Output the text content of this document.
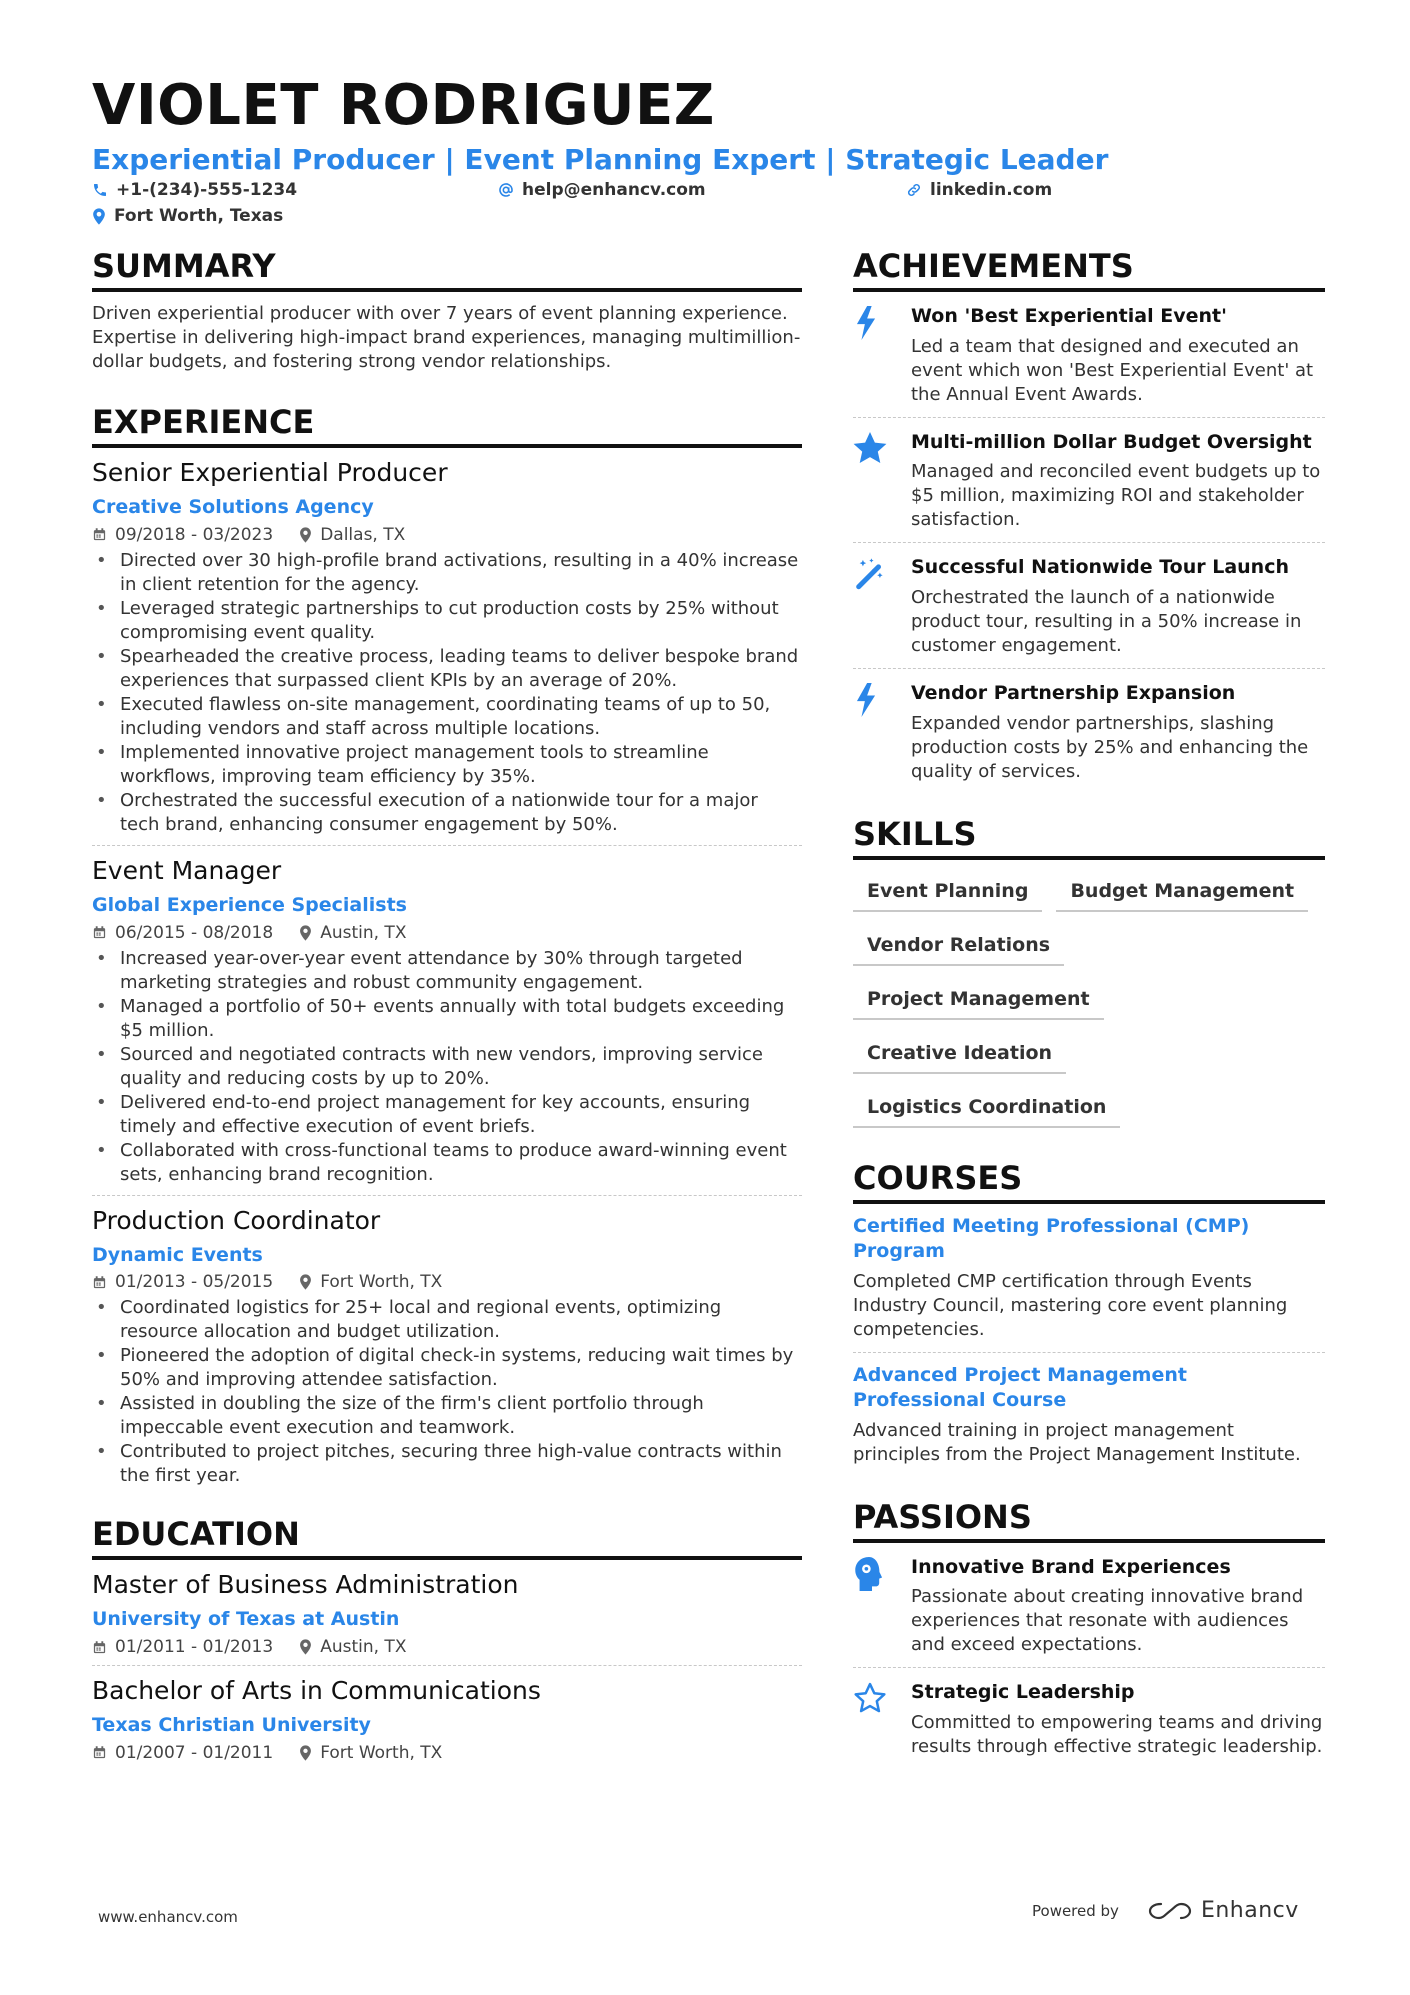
VIOLET RODRIGUEZ
Experiential Producer | Event Planning Expert | Strategic Leader
+1-(234)-555-1234	help@enhancv.com	linkedin.com
Fort Worth, Texas
SUMMARY
Driven experiential producer with over 7 years of event planning experience. Expertise in delivering high-impact brand experiences, managing multimillion-dollar budgets, and fostering strong vendor relationships.
EXPERIENCE
Senior Experiential Producer
Creative Solutions Agency
09/2018 - 03/2023	Dallas, TX
• Directed over 30 high-profile brand activations, resulting in a 40% increase in client retention for the agency.
• Leveraged strategic partnerships to cut production costs by 25% without compromising event quality.
• Spearheaded the creative process, leading teams to deliver bespoke brand experiences that surpassed client KPIs by an average of 20%.
• Executed flawless on-site management, coordinating teams of up to 50, including vendors and staff across multiple locations.
• Implemented innovative project management tools to streamline workflows, improving team efficiency by 35%.
• Orchestrated the successful execution of a nationwide tour for a major tech brand, enhancing consumer engagement by 50%.
Event Manager
Global Experience Specialists
06/2015 - 08/2018	Austin, TX
• Increased year-over-year event attendance by 30% through targeted marketing strategies and robust community engagement.
• Managed a portfolio of 50+ events annually with total budgets exceeding $5 million.
• Sourced and negotiated contracts with new vendors, improving service quality and reducing costs by up to 20%.
• Delivered end-to-end project management for key accounts, ensuring timely and effective execution of event briefs.
• Collaborated with cross-functional teams to produce award-winning event sets, enhancing brand recognition.
Production Coordinator
Dynamic Events
01/2013 - 05/2015	Fort Worth, TX
• Coordinated logistics for 25+ local and regional events, optimizing resource allocation and budget utilization.
• Pioneered the adoption of digital check-in systems, reducing wait times by 50% and improving attendee satisfaction.
• Assisted in doubling the size of the firm's client portfolio through impeccable event execution and teamwork.
• Contributed to project pitches, securing three high-value contracts within the first year.
EDUCATION
Master of Business Administration
University of Texas at Austin
01/2011 - 01/2013	Austin, TX
Bachelor of Arts in Communications
Texas Christian University
01/2007 - 01/2011	Fort Worth, TX
ACHIEVEMENTS
Won 'Best Experiential Event'
Led a team that designed and executed an event which won 'Best Experiential Event' at the Annual Event Awards.
Multi-million Dollar Budget Oversight
Managed and reconciled event budgets up to $5 million, maximizing ROI and stakeholder satisfaction.
Successful Nationwide Tour Launch
Orchestrated the launch of a nationwide product tour, resulting in a 50% increase in customer engagement.
Vendor Partnership Expansion
Expanded vendor partnerships, slashing production costs by 25% and enhancing the quality of services.
SKILLS
Event Planning	Budget Management
Vendor Relations
Project Management
Creative Ideation
Logistics Coordination
COURSES
Certified Meeting Professional (CMP) Program
Completed CMP certification through Events Industry Council, mastering core event planning competencies.
Advanced Project Management Professional Course
Advanced training in project management principles from the Project Management Institute.
PASSIONS
Innovative Brand Experiences
Passionate about creating innovative brand experiences that resonate with audiences and exceed expectations.
Strategic Leadership
Committed to empowering teams and driving results through effective strategic leadership.
www.enhancv.com	Powered by	Enhancv
